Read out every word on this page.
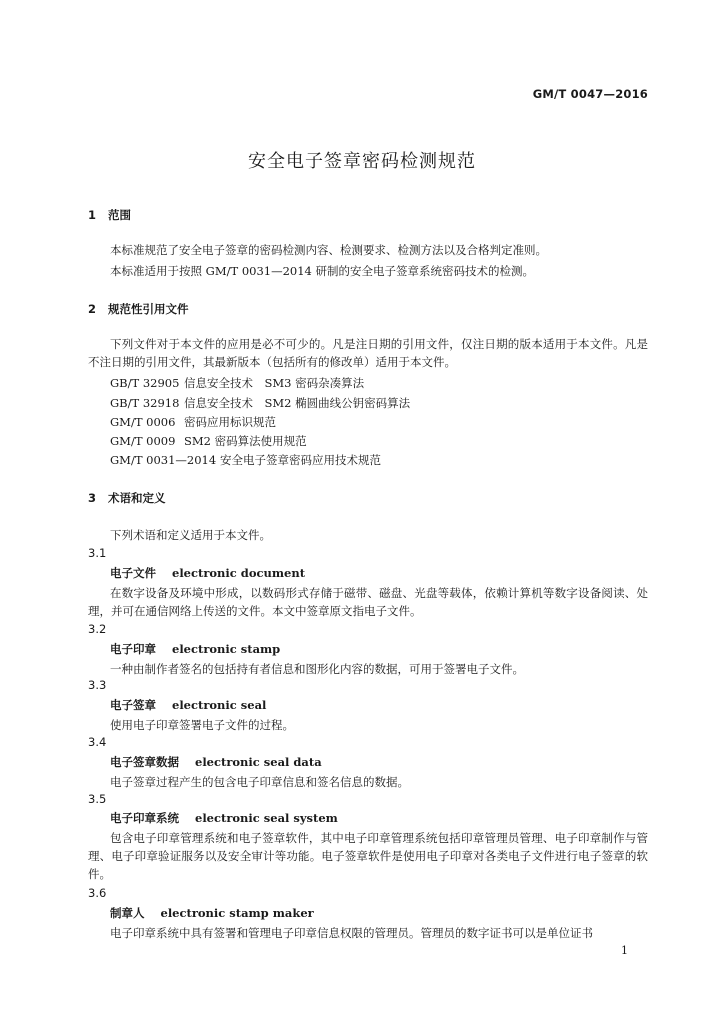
GM/T 0047—2016
安全电子签章密码检测规范
1 范围
本标准规范了安全电子签章的密码检测内容、检测要求、检测方法以及合格判定准则。
本标准适用于按照 GM/T 0031—2014 研制的安全电子签章系统密码技术的检测。
2 规范性引用文件
下列文件对于本文件的应用是必不可少的。凡是注日期的引用文件，仅注日期的版本适用于本文件。凡是不注日期的引用文件，其最新版本（包括所有的修改单）适用于本文件。
GB/T 32905 信息安全技术　SM3 密码杂凑算法
GB/T 32918 信息安全技术　SM2 椭圆曲线公钥密码算法
GM/T 0006 密码应用标识规范
GM/T 0009 SM2 密码算法使用规范
GM/T 0031—2014 安全电子签章密码应用技术规范
3 术语和定义
下列术语和定义适用于本文件。
3.1
电子文件 electronic document
在数字设备及环境中形成，以数码形式存储于磁带、磁盘、光盘等载体，依赖计算机等数字设备阅读、处理，并可在通信网络上传送的文件。本文中签章原文指电子文件。
3.2
电子印章 electronic stamp
一种由制作者签名的包括持有者信息和图形化内容的数据，可用于签署电子文件。
3.3
电子签章 electronic seal
使用电子印章签署电子文件的过程。
3.4
电子签章数据 electronic seal data
电子签章过程产生的包含电子印章信息和签名信息的数据。
3.5
电子印章系统 electronic seal system
包含电子印章管理系统和电子签章软件，其中电子印章管理系统包括印章管理员管理、电子印章制作与管理、电子印章验证服务以及安全审计等功能。电子签章软件是使用电子印章对各类电子文件进行电子签章的软件。
3.6
制章人 electronic stamp maker
电子印章系统中具有签署和管理电子印章信息权限的管理员。管理员的数字证书可以是单位证书
1
